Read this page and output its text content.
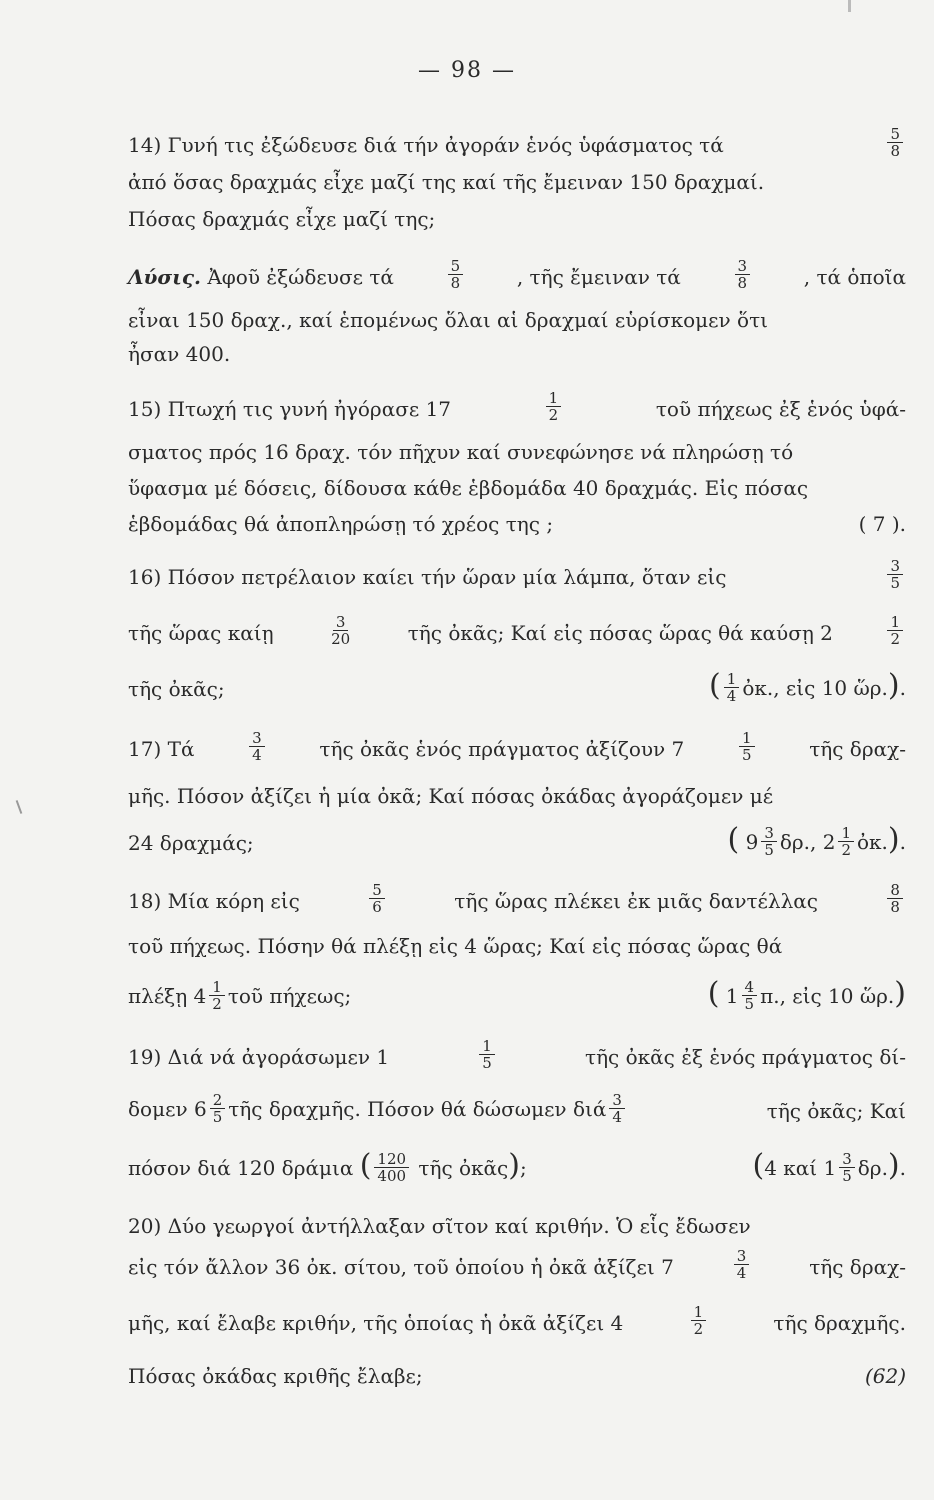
— 98 —
14) Γυνή τις ἐξώδευσε διά τήν ἀγοράν ἑνός ὑφάσματος τά	5
8
ἀπό ὅσας δραχμάς εἶχε μαζί της καί τῆς ἔμειναν 150 δραχμαί.
Πόσας δραχμάς εἶχε μαζί της;
Λύσις. Ἀφοῦ ἐξώδευσε τά	5
8	, τῆς ἔμειναν τά	3
8	, τά ὁποῖα
εἶναι 150 δραχ., καί ἑπομένως ὅλαι αἱ δραχμαί εὑρίσκομεν ὅτι
ἦσαν 400.
15) Πτωχή τις γυνή ἠγόρασε 17	1
2	τοῦ πήχεως ἐξ ἑνός ὑφά-
σματος πρός 16 δραχ. τόν πῆχυν καί συνεφώνησε νά πληρώσῃ τό
ὕφασμα μέ δόσεις, δίδουσα κάθε ἑβδομάδα 40 δραχμάς. Εἰς πόσας
ἑβδομάδας θά ἀποπληρώσῃ τό χρέος της ;	( 7 ).
16) Πόσον πετρέλαιον καίει τήν ὥραν μία λάμπα, ὅταν εἰς	3
5
τῆς ὥρας καίῃ	3
20	τῆς ὀκᾶς; Καί εἰς πόσας ὥρας θά καύσῃ 2	1
2
τῆς ὀκᾶς;	( $\frac{1}{4}$ ὀκ., εἰς 10 ὥρ.).
17) Τά	3
4	τῆς ὀκᾶς ἑνός πράγματος ἀξίζουν 7	1
5	τῆς δραχ-
μῆς. Πόσον ἀξίζει ἡ μία ὀκᾶ; Καί πόσας ὀκάδας ἀγοράζομεν μέ
24 δραχμάς;	( $9 \frac{3}{5} \delta\rho$., $2 \frac{1}{2}$ ὀκ.).
18) Μία κόρη εἰς	5
6	τῆς ὥρας πλέκει ἐκ μιᾶς δαντέλλας	8
8
τοῦ πήχεως. Πόσην θά πλέξῃ εἰς 4 ὥρας; Καί εἰς πόσας ὥρας θά
πλέξῃ $4 \frac{1}{2}$ τοῦ πήχεως;	( $1 \frac{4}{5} \pi$., εἰς 10 ὥρ.)
19) Διά νά ἀγοράσωμεν 1	1
5	τῆς ὀκᾶς ἐξ ἑνός πράγματος δί-
δομεν $6 \frac{2}{5}$ τῆς δραχμῆς. Πόσον θά δώσωμεν διά $\frac{3}{4}$	τῆς ὀκᾶς; Καί
πόσον διά 120 δράμια ( $\frac{120}{400}$ τῆς ὀκᾶς);	(4 καί $1 \frac{3}{5} \delta\rho$.).
20) Δύο γεωργοί ἀντήλλαξαν σῖτον καί κριθήν. Ὁ εἷς ἔδωσεν
εἰς τόν ἄλλον 36 ὀκ. σίτου, τοῦ ὁποίου ἡ ὀκᾶ ἀξίζει 7	3
4	τῆς δραχ-
μῆς, καί ἔλαβε κριθήν, τῆς ὁποίας ἡ ὀκᾶ ἀξίζει 4	1
2	τῆς δραχμῆς.
Πόσας ὀκάδας κριθῆς ἔλαβε;	(62)
